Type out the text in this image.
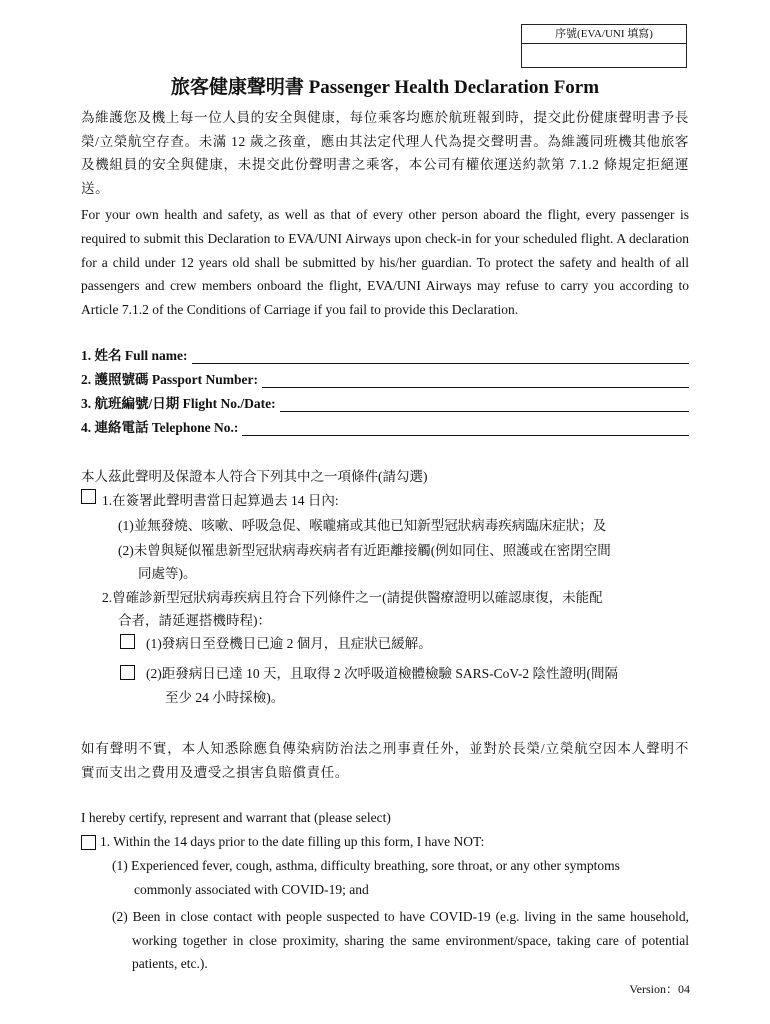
序號(EVA/UNI 填寫)
旅客健康聲明書 Passenger Health Declaration Form
為維護您及機上每一位人員的安全與健康，每位乘客均應於航班報到時，提交此份健康聲明書予長榮/立榮航空存查。未滿 12 歲之孩童，應由其法定代理人代為提交聲明書。為維護同班機其他旅客及機組員的安全與健康，未提交此份聲明書之乘客，本公司有權依運送約款第 7.1.2 條規定拒絕運送。
For your own health and safety, as well as that of every other person aboard the flight, every passenger is required to submit this Declaration to EVA/UNI Airways upon check-in for your scheduled flight. A declaration for a child under 12 years old shall be submitted by his/her guardian. To protect the safety and health of all passengers and crew members onboard the flight, EVA/UNI Airways may refuse to carry you according to Article 7.1.2 of the Conditions of Carriage if you fail to provide this Declaration.
1. 姓名 Full name:
2. 護照號碼 Passport Number:
3. 航班編號/日期 Flight No./Date:
4. 連絡電話 Telephone No.:
本人茲此聲明及保證本人符合下列其中之一項條件(請勾選)
1.在簽署此聲明書當日起算過去 14 日內:
(1)並無發燒、咳嗽、呼吸急促、喉嚨痛或其他已知新型冠狀病毒疾病臨床症狀；及
(2)未曾與疑似罹患新型冠狀病毒疾病者有近距離接觸(例如同住、照護或在密閉空間
同處等)。
2.曾確診新型冠狀病毒疾病且符合下列條件之一(請提供醫療證明以確認康復，未能配
合者，請延遲搭機時程)：
(1)發病日至登機日已逾 2 個月，且症狀已緩解。
(2)距發病日已達 10 天，且取得 2 次呼吸道檢體檢驗 SARS-CoV-2 陰性證明(間隔
至少 24 小時採檢)。
如有聲明不實，本人知悉除應負傳染病防治法之刑事責任外，並對於長榮/立榮航空因本人聲明不實而支出之費用及遭受之損害負賠償責任。
I hereby certify, represent and warrant that (please select)
1. Within the 14 days prior to the date filling up this form, I have NOT:
(1) Experienced fever, cough, asthma, difficulty breathing, sore throat, or any other symptoms
commonly associated with COVID-19; and
(2) Been in close contact with people suspected to have COVID-19 (e.g. living in the same household, working together in close proximity, sharing the same environment/space, taking care of potential patients, etc.).
Version：04
